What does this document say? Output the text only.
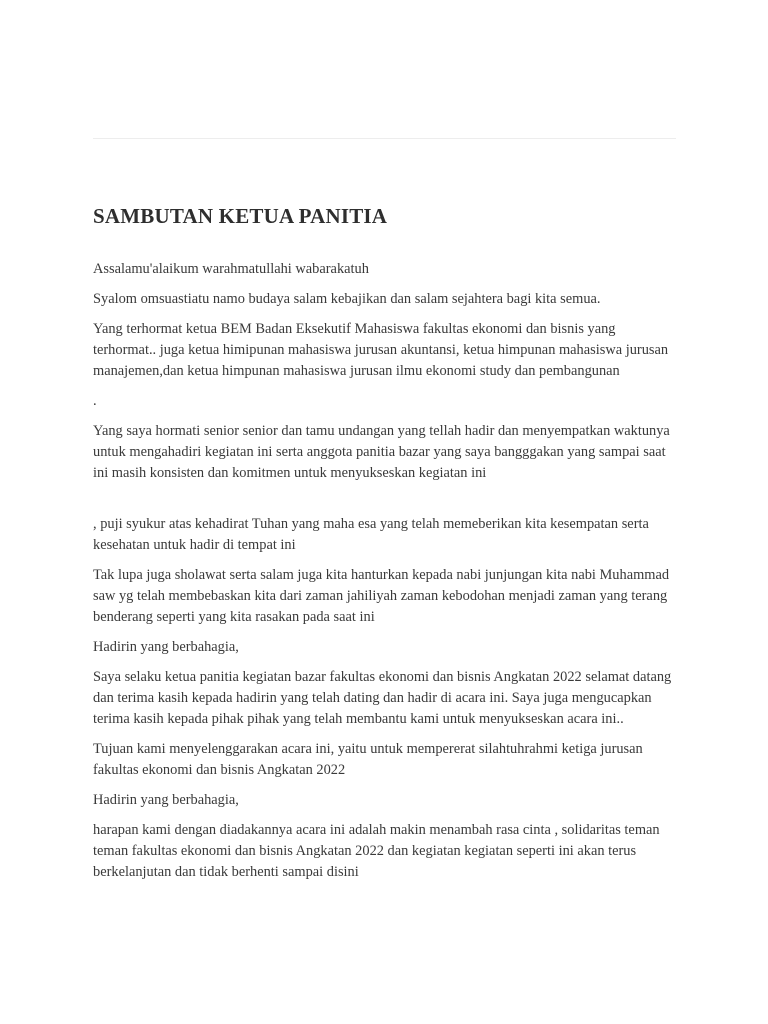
SAMBUTAN KETUA PANITIA

Assalamu'alaikum warahmatullahi wabarakatuh

Syalom omsuastiatu namo budaya salam kebajikan dan salam sejahtera bagi kita semua.

Yang terhormat ketua BEM Badan Eksekutif Mahasiswa fakultas ekonomi dan bisnis yang terhormat.. juga ketua himipunan mahasiswa jurusan akuntansi, ketua himpunan mahasiswa jurusan manajemen,dan ketua himpunan mahasiswa jurusan ilmu ekonomi study dan pembangunan

.

Yang saya hormati senior senior dan tamu undangan yang tellah hadir dan menyempatkan waktunya untuk mengahadiri kegiatan ini serta anggota panitia bazar yang saya bangggakan yang sampai saat ini masih konsisten dan komitmen untuk menyukseskan kegiatan ini

, puji syukur atas kehadirat Tuhan yang maha esa yang telah memeberikan kita kesempatan serta kesehatan untuk hadir di tempat ini

Tak lupa juga sholawat serta salam juga kita hanturkan kepada nabi junjungan kita nabi Muhammad saw yg telah membebaskan kita dari zaman jahiliyah zaman kebodohan menjadi zaman yang terang benderang seperti yang kita rasakan pada saat ini

Hadirin yang berbahagia,

Saya selaku ketua panitia kegiatan bazar fakultas ekonomi dan bisnis Angkatan 2022 selamat datang dan terima kasih kepada hadirin yang telah dating dan hadir di acara ini. Saya juga mengucapkan terima kasih kepada pihak pihak yang telah membantu kami untuk menyukseskan acara ini..

Tujuan kami menyelenggarakan acara ini, yaitu untuk mempererat silahtuhrahmi ketiga jurusan fakultas ekonomi dan bisnis Angkatan 2022

Hadirin yang berbahagia,

harapan kami dengan diadakannya acara ini adalah makin menambah rasa cinta , solidaritas teman teman fakultas ekonomi dan bisnis Angkatan 2022 dan kegiatan kegiatan seperti ini akan terus berkelanjutan dan tidak berhenti sampai disini
